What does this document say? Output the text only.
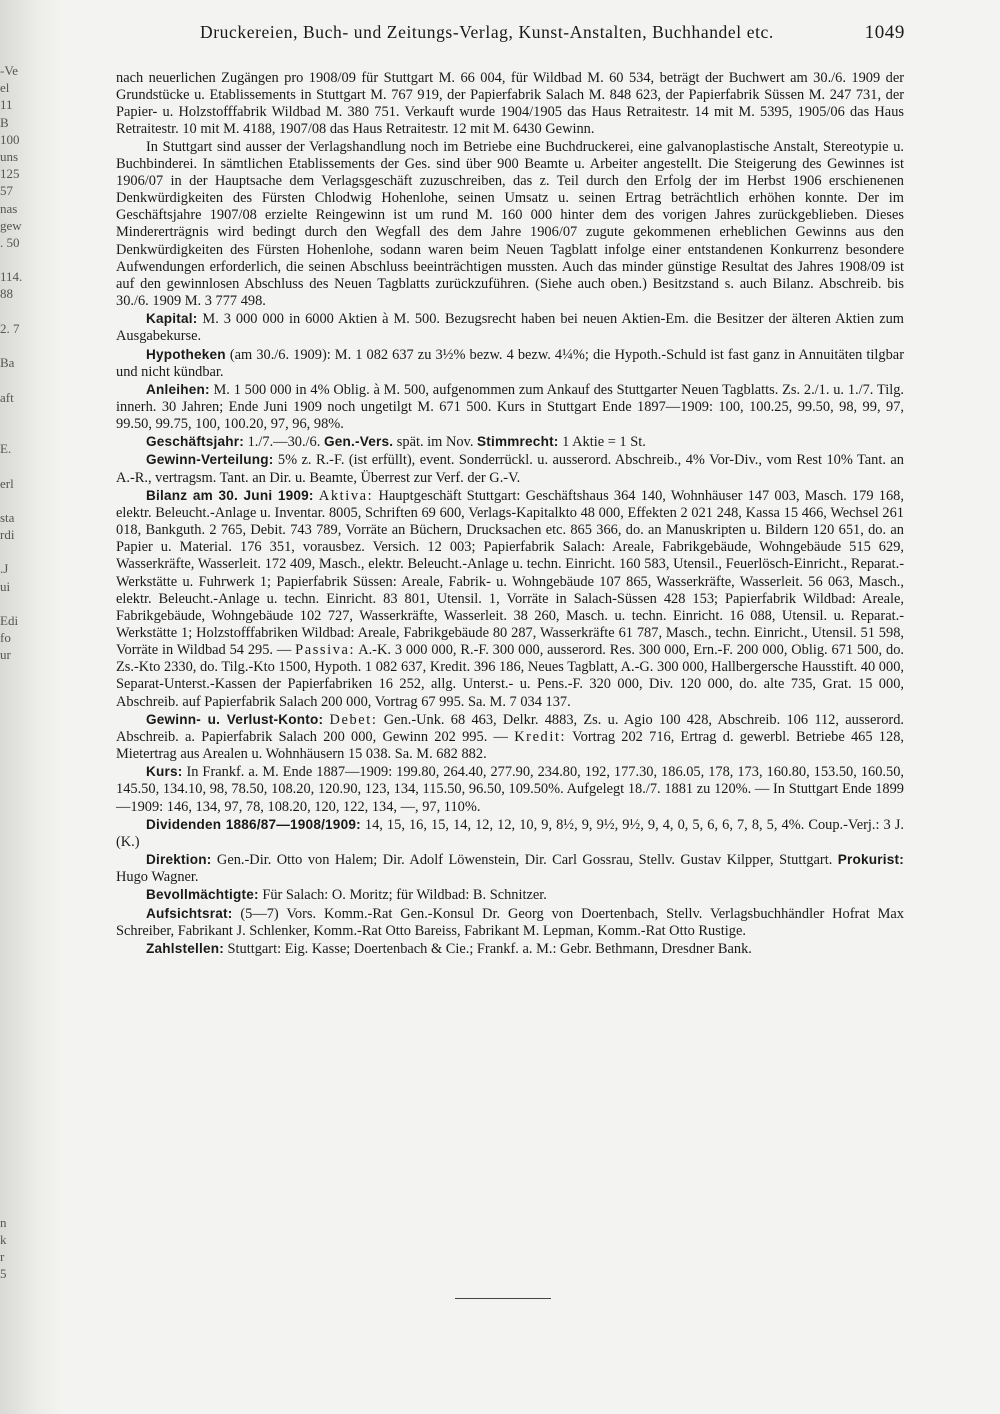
-Ve
el
11
B
100
uns
125
57
nas
gew
. 50
114.
88
2. 7
Ba
aft
E.
erl
sta
rdi
.J
ui
Edi
fo
ur
n
k
r
5
Druckereien, Buch- und Zeitungs-Verlag, Kunst-Anstalten, Buchhandel etc.	1049

nach neuerlichen Zugängen pro 1908/09 für Stuttgart M. 66 004, für Wildbad M. 60 534, beträgt der Buchwert am 30./6. 1909 der Grundstücke u. Etablissements in Stuttgart M. 767 919, der Papierfabrik Salach M. 848 623, der Papierfabrik Süssen M. 247 731, der Papier- u. Holzstofffabrik Wildbad M. 380 751. Verkauft wurde 1904/1905 das Haus Retraitestr. 14 mit M. 5395, 1905/06 das Haus Retraitestr. 10 mit M. 4188, 1907/08 das Haus Retraitestr. 12 mit M. 6430 Gewinn.

In Stuttgart sind ausser der Verlagshandlung noch im Betriebe eine Buchdruckerei, eine galvanoplastische Anstalt, Stereotypie u. Buchbinderei. In sämtlichen Etablissements der Ges. sind über 900 Beamte u. Arbeiter angestellt. Die Steigerung des Gewinnes ist 1906/07 in der Hauptsache dem Verlagsgeschäft zuzuschreiben, das z. Teil durch den Erfolg der im Herbst 1906 erschienenen Denkwürdigkeiten des Fürsten Chlodwig Hohenlohe, seinen Umsatz u. seinen Ertrag beträchtlich erhöhen konnte. Der im Geschäftsjahre 1907/08 erzielte Reingewinn ist um rund M. 160 000 hinter dem des vorigen Jahres zurückgeblieben. Dieses Mindererträgnis wird bedingt durch den Wegfall des dem Jahre 1906/07 zugute gekommenen erheblichen Gewinns aus den Denkwürdigkeiten des Fürsten Hohenlohe, sodann waren beim Neuen Tagblatt infolge einer entstandenen Konkurrenz besondere Aufwendungen erforderlich, die seinen Abschluss beeinträchtigen mussten. Auch das minder günstige Resultat des Jahres 1908/09 ist auf den gewinnlosen Abschluss des Neuen Tagblatts zurückzuführen. (Siehe auch oben.) Besitzstand s. auch Bilanz. Abschreib. bis 30./6. 1909 M. 3 777 498.

Kapital: M. 3 000 000 in 6000 Aktien à M. 500. Bezugsrecht haben bei neuen Aktien-Em. die Besitzer der älteren Aktien zum Ausgabekurse.

Hypotheken (am 30./6. 1909): M. 1 082 637 zu 3½% bezw. 4 bezw. 4¼%; die Hypoth.-Schuld ist fast ganz in Annuitäten tilgbar und nicht kündbar.

Anleihen: M. 1 500 000 in 4% Oblig. à M. 500, aufgenommen zum Ankauf des Stuttgarter Neuen Tagblatts. Zs. 2./1. u. 1./7. Tilg. innerh. 30 Jahren; Ende Juni 1909 noch ungetilgt M. 671 500. Kurs in Stuttgart Ende 1897—1909: 100, 100.25, 99.50, 98, 99, 97, 99.50, 99.75, 100, 100.20, 97, 96, 98%.

Geschäftsjahr: 1./7.—30./6. Gen.-Vers. spät. im Nov. Stimmrecht: 1 Aktie = 1 St.

Gewinn-Verteilung: 5% z. R.-F. (ist erfüllt), event. Sonderrückl. u. ausserord. Abschreib., 4% Vor-Div., vom Rest 10% Tant. an A.-R., vertragsm. Tant. an Dir. u. Beamte, Überrest zur Verf. der G.-V.

Bilanz am 30. Juni 1909: Aktiva: Hauptgeschäft Stuttgart: Geschäftshaus 364 140, Wohnhäuser 147 003, Masch. 179 168, elektr. Beleucht.-Anlage u. Inventar. 8005, Schriften 69 600, Verlags-Kapitalkto 48 000, Effekten 2 021 248, Kassa 15 466, Wechsel 261 018, Bankguth. 2 765, Debit. 743 789, Vorräte an Büchern, Drucksachen etc. 865 366, do. an Manuskripten u. Bildern 120 651, do. an Papier u. Material. 176 351, vorausbez. Versich. 12 003; Papierfabrik Salach: Areale, Fabrikgebäude, Wohngebäude 515 629, Wasserkräfte, Wasserleit. 172 409, Masch., elektr. Beleucht.-Anlage u. techn. Einricht. 160 583, Utensil., Feuerlösch-Einricht., Reparat.-Werkstätte u. Fuhrwerk 1; Papierfabrik Süssen: Areale, Fabrik- u. Wohngebäude 107 865, Wasserkräfte, Wasserleit. 56 063, Masch., elektr. Beleucht.-Anlage u. techn. Einricht. 83 801, Utensil. 1, Vorräte in Salach-Süssen 428 153; Papierfabrik Wildbad: Areale, Fabrikgebäude, Wohngebäude 102 727, Wasserkräfte, Wasserleit. 38 260, Masch. u. techn. Einricht. 16 088, Utensil. u. Reparat.-Werkstätte 1; Holzstofffabriken Wildbad: Areale, Fabrikgebäude 80 287, Wasserkräfte 61 787, Masch., techn. Einricht., Utensil. 51 598, Vorräte in Wildbad 54 295. — Passiva: A.-K. 3 000 000, R.-F. 300 000, ausserord. Res. 300 000, Ern.-F. 200 000, Oblig. 671 500, do. Zs.-Kto 2330, do. Tilg.-Kto 1500, Hypoth. 1 082 637, Kredit. 396 186, Neues Tagblatt, A.-G. 300 000, Hallbergersche Hausstift. 40 000, Separat-Unterst.-Kassen der Papierfabriken 16 252, allg. Unterst.- u. Pens.-F. 320 000, Div. 120 000, do. alte 735, Grat. 15 000, Abschreib. auf Papierfabrik Salach 200 000, Vortrag 67 995. Sa. M. 7 034 137.

Gewinn- u. Verlust-Konto: Debet: Gen.-Unk. 68 463, Delkr. 4883, Zs. u. Agio 100 428, Abschreib. 106 112, ausserord. Abschreib. a. Papierfabrik Salach 200 000, Gewinn 202 995. — Kredit: Vortrag 202 716, Ertrag d. gewerbl. Betriebe 465 128, Mietertrag aus Arealen u. Wohnhäusern 15 038. Sa. M. 682 882.

Kurs: In Frankf. a. M. Ende 1887—1909: 199.80, 264.40, 277.90, 234.80, 192, 177.30, 186.05, 178, 173, 160.80, 153.50, 160.50, 145.50, 134.10, 98, 78.50, 108.20, 120.90, 123, 134, 115.50, 96.50, 109.50%. Aufgelegt 18./7. 1881 zu 120%. — In Stuttgart Ende 1899—1909: 146, 134, 97, 78, 108.20, 120, 122, 134, —, 97, 110%.

Dividenden 1886/87—1908/1909: 14, 15, 16, 15, 14, 12, 12, 10, 9, 8½, 9, 9½, 9½, 9, 4, 0, 5, 6, 6, 7, 8, 5, 4%. Coup.-Verj.: 3 J. (K.)

Direktion: Gen.-Dir. Otto von Halem; Dir. Adolf Löwenstein, Dir. Carl Gossrau, Stellv. Gustav Kilpper, Stuttgart. Prokurist: Hugo Wagner.

Bevollmächtigte: Für Salach: O. Moritz; für Wildbad: B. Schnitzer.

Aufsichtsrat: (5—7) Vors. Komm.-Rat Gen.-Konsul Dr. Georg von Doertenbach, Stellv. Verlagsbuchhändler Hofrat Max Schreiber, Fabrikant J. Schlenker, Komm.-Rat Otto Bareiss, Fabrikant M. Lepman, Komm.-Rat Otto Rustige.

Zahlstellen: Stuttgart: Eig. Kasse; Doertenbach & Cie.; Frankf. a. M.: Gebr. Bethmann, Dresdner Bank.
